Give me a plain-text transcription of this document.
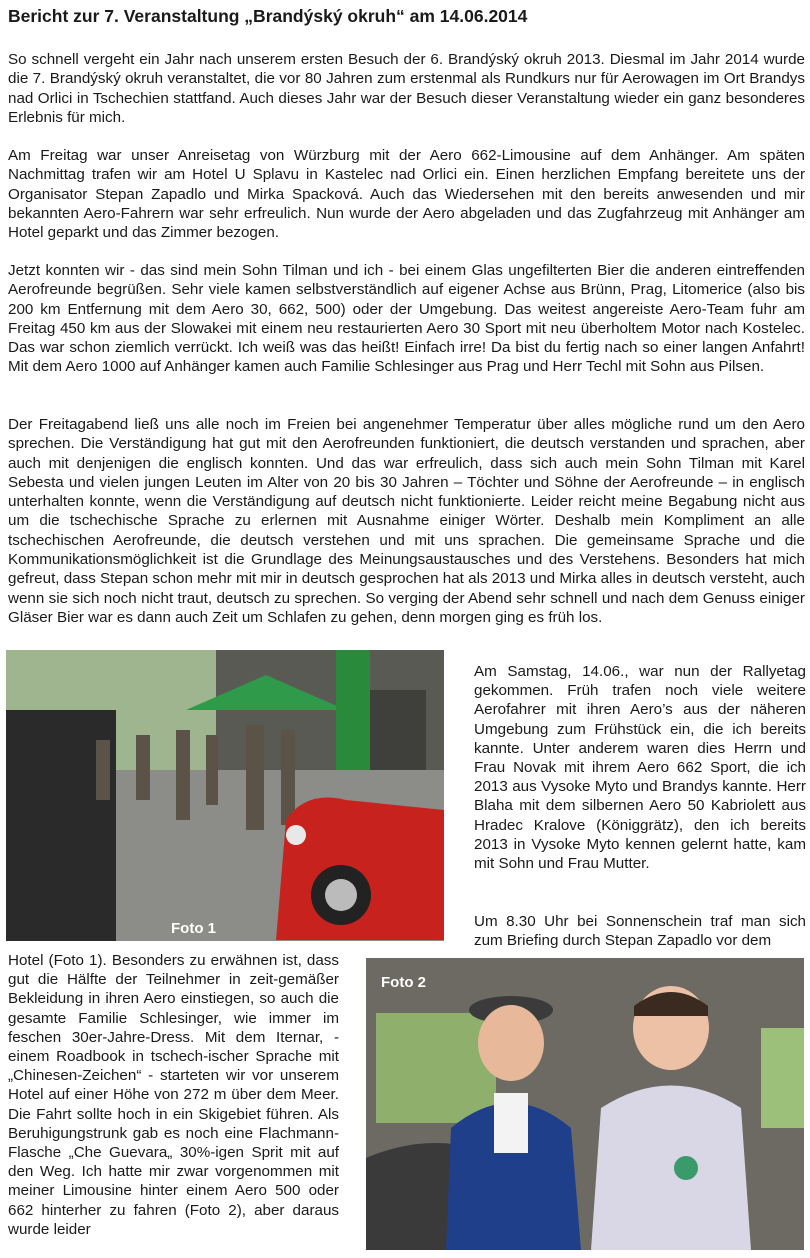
Bericht zur 7. Veranstaltung „Brandýský okruh“ am 14.06.2014

So schnell vergeht ein Jahr nach unserem ersten Besuch der 6. Brandýský okruh 2013. Diesmal im Jahr 2014 wurde die 7. Brandýský okruh veranstaltet, die vor 80 Jahren zum erstenmal als Rundkurs nur für Aerowagen im Ort Brandys nad Orlici in Tschechien stattfand. Auch dieses Jahr war der Besuch dieser Veranstaltung wieder ein ganz besonderes Erlebnis für mich.

Am Freitag war unser Anreisetag von Würzburg mit der Aero 662-Limousine auf dem Anhänger. Am späten Nachmittag trafen wir am Hotel U Splavu in Kastelec nad Orlici ein. Einen herzlichen Empfang bereitete uns der Organisator Stepan Zapadlo und Mirka Spacková. Auch das Wiedersehen mit den bereits anwesenden und mir bekannten Aero-Fahrern war sehr erfreulich. Nun wurde der Aero abgeladen und das Zugfahrzeug mit Anhänger am Hotel geparkt und das Zimmer bezogen.

Jetzt konnten wir - das sind mein Sohn Tilman und ich - bei einem Glas ungefilterten Bier die anderen eintreffenden Aerofreunde begrüßen. Sehr viele kamen selbstverständlich auf eigener Achse aus Brünn, Prag, Litomerice (also bis 200 km Entfernung mit dem Aero 30, 662, 500) oder der Umgebung. Das weitest angereiste Aero-Team fuhr am Freitag 450 km aus der Slowakei mit einem neu restaurierten Aero 30 Sport mit neu überholtem Motor nach Kostelec. Das war schon ziemlich verrückt. Ich weiß was das heißt! Einfach irre! Da bist du fertig nach so einer langen Anfahrt! Mit dem Aero 1000 auf Anhänger kamen auch Familie Schlesinger aus Prag und Herr Techl mit Sohn aus Pilsen.

Der Freitagabend ließ uns alle noch im Freien bei angenehmer Temperatur über alles mögliche rund um den Aero sprechen. Die Verständigung hat gut mit den Aerofreunden funktioniert, die deutsch verstanden und sprachen, aber auch mit denjenigen die englisch konnten. Und das war erfreulich, dass sich auch mein Sohn Tilman mit Karel Sebesta und vielen jungen Leuten im Alter von 20 bis 30 Jahren – Töchter und Söhne der Aerofreunde – in englisch unterhalten konnte, wenn die Verständigung auf deutsch nicht funktionierte. Leider reicht meine Begabung nicht aus um die tschechische Sprache zu erlernen mit Ausnahme einiger Wörter. Deshalb mein Kompliment an alle tschechischen Aerofreunde, die deutsch verstehen und mit uns sprachen. Die gemeinsame Sprache und die Kommunikationsmöglichkeit ist die Grundlage des Meinungsaustausches und des Verstehens. Besonders hat mich gefreut, dass Stepan schon mehr mit mir in deutsch gesprochen hat als 2013 und Mirka alles in deutsch versteht, auch wenn sie sich noch nicht traut, deutsch zu sprechen. So verging der Abend sehr schnell und nach dem Genuss einiger Gläser Bier war es dann auch Zeit um Schlafen zu gehen, denn morgen ging es früh los.

Foto 1

Am Samstag, 14.06., war nun der Rallyetag gekommen. Früh trafen noch viele weitere Aerofahrer mit ihren Aero’s aus der näheren Umgebung zum Frühstück ein, die ich bereits kannte. Unter anderem waren dies Herrn und Frau Novak mit ihrem Aero 662 Sport, die ich 2013 aus Vysoke Myto und Brandys kannte. Herr Blaha mit dem silbernen Aero 50 Kabriolett aus Hradec Kralove (Königgrätz), den ich bereits 2013 in Vysoke Myto kennen gelernt hatte, kam mit Sohn und Frau Mutter.

Um 8.30 Uhr bei Sonnenschein traf man sich zum Briefing durch Stepan Zapadlo vor dem

Hotel (Foto 1). Besonders zu erwähnen ist, dass gut die Hälfte der Teilnehmer in zeit-gemäßer Bekleidung in ihren Aero einstiegen, so auch die gesamte Familie Schlesinger, wie immer im feschen 30er-Jahre-Dress. Mit dem Iternar, - einem Roadbook in tschech-ischer Sprache mit „Chinesen-Zeichen“ - starteten wir vor unserem Hotel auf einer Höhe von 272 m über dem Meer. Die Fahrt sollte hoch in ein Skigebiet führen. Als Beruhigungstrunk gab es noch eine Flachmann-Flasche „Che Guevara„ 30%-igen Sprit mit auf den Weg. Ich hatte mir zwar vorgenommen mit meiner Limousine hinter einem Aero 500 oder 662 hinterher zu fahren (Foto 2), aber daraus wurde leider

Foto 2
